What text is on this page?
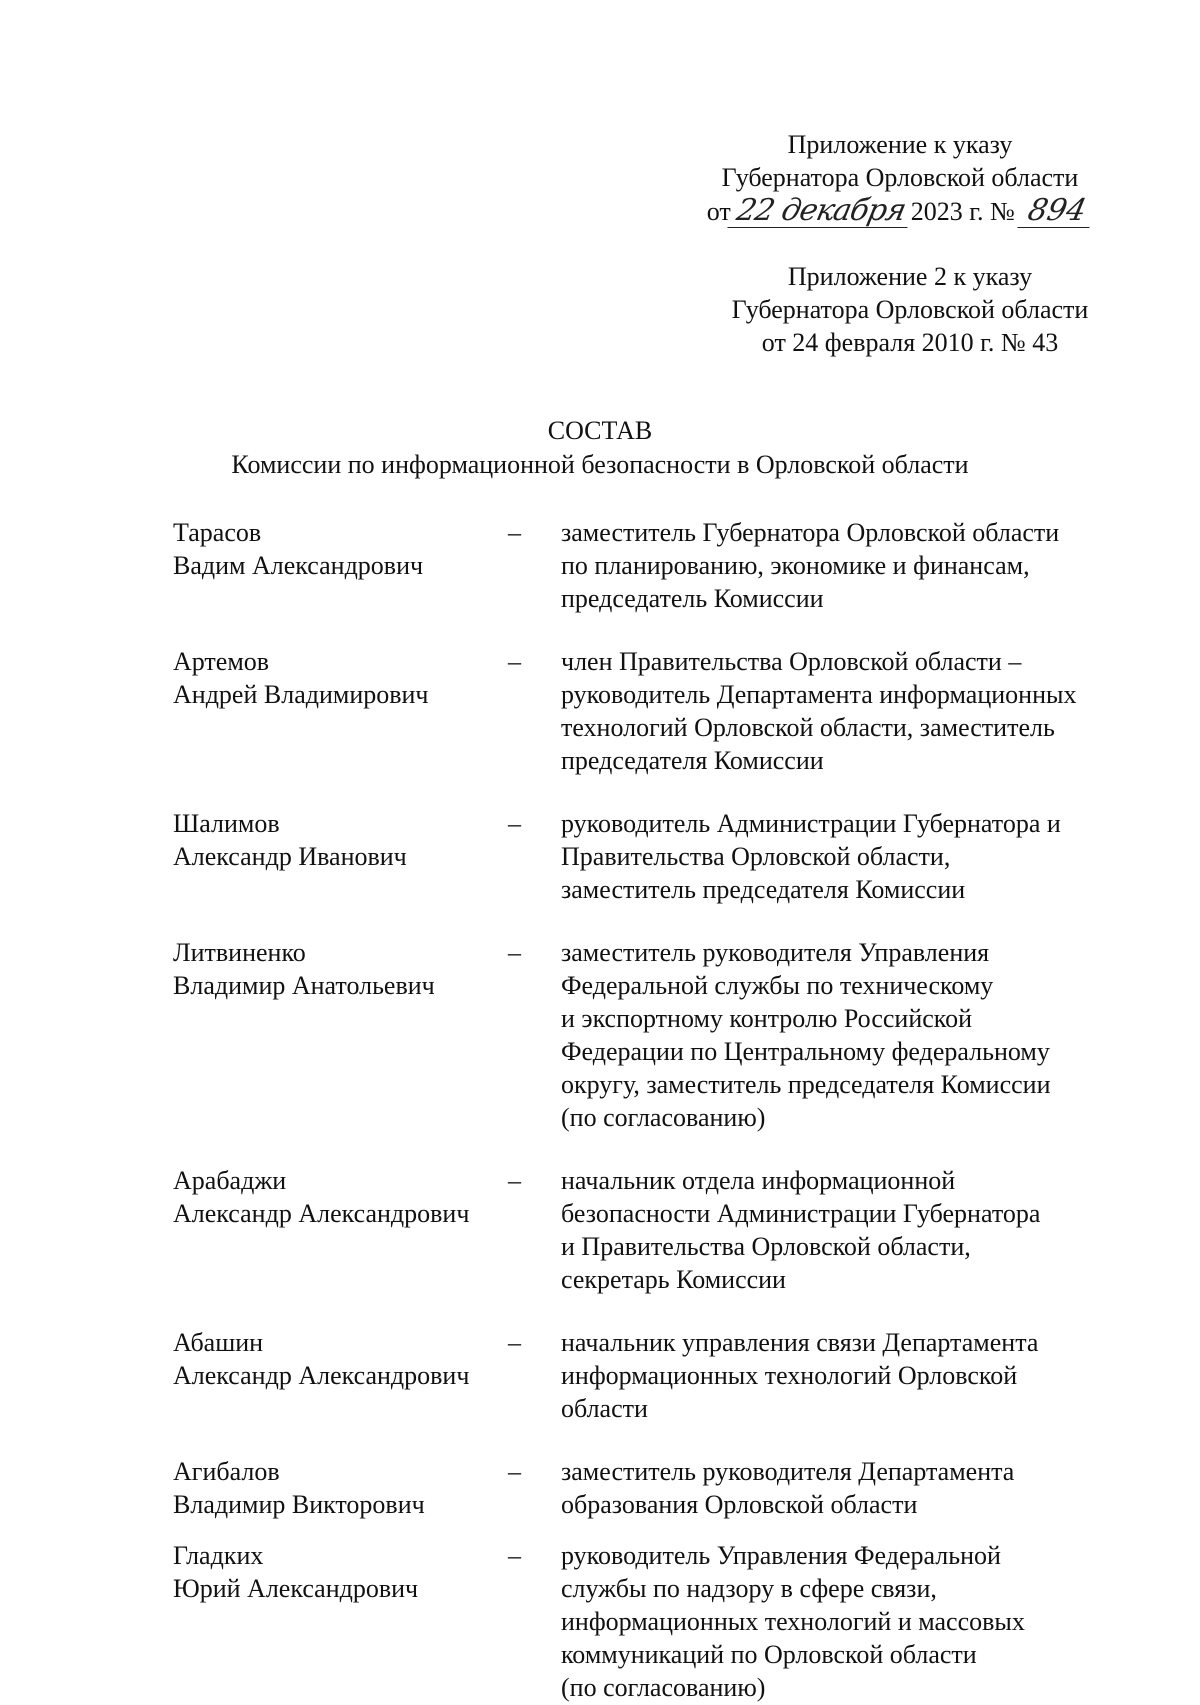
Приложение к указу
Губернатора Орловской области
от22 декабря2023 г. № 894
Приложение 2 к указу
Губернатора Орловской области
от 24 февраля 2010 г. № 43
СОСТАВ
Комиссии по информационной безопасности в Орловской области
Тарасов
Вадим Александрович
–	заместитель Губернатора Орловской области
по планированию, экономике и финансам,
председатель Комиссии
Артемов
Андрей Владимирович
–	член Правительства Орловской области –
руководитель Департамента информационных
технологий Орловской области, заместитель
председателя Комиссии
Шалимов
Александр Иванович
–	руководитель Администрации Губернатора и
Правительства Орловской области,
заместитель председателя Комиссии
Литвиненко
Владимир Анатольевич
–	заместитель руководителя Управления
Федеральной службы по техническому
и экспортному контролю Российской
Федерации по Центральному федеральному
округу, заместитель председателя Комиссии
(по согласованию)
Арабаджи
Александр Александрович
–	начальник отдела информационной
безопасности Администрации Губернатора
и Правительства Орловской области,
секретарь Комиссии
Абашин
Александр Александрович
–	начальник управления связи Департамента
информационных технологий Орловской
области
Агибалов
Владимир Викторович
–	заместитель руководителя Департамента
образования Орловской области
Гладких
Юрий Александрович
–	руководитель Управления Федеральной
службы по надзору в сфере связи,
информационных технологий и массовых
коммуникаций по Орловской области
(по согласованию)
